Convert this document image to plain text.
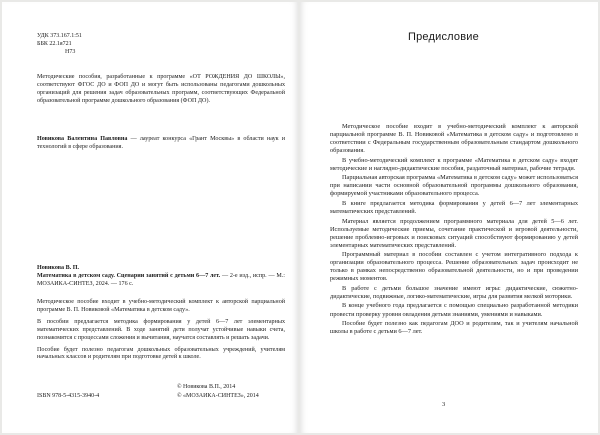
УДК 373.167.1:51
ББК 22.1я721
Н73
Методические пособия, разработанные к программе «ОТ РОЖДЕНИЯ ДО ШКОЛЫ», соответствуют ФГОС ДО и ФОП ДО и могут быть использованы педагогами дошкольных организаций для решения задач образовательных программ, соответствующих Федеральной образовательной программе дошкольного образования (ФОП ДО).
Новикова Валентина Павловна — лауреат конкурса «Грант Москвы» в области наук и технологий в сфере образования.
Новикова В. П.
Математика в детском саду. Сценарии занятий с детьми 6—7 лет. — 2-е изд., испр. — М.: МОЗАИКА-СИНТЕЗ, 2024. — 176 с.

Методическое пособие входит в учебно-методический комплект к авторской парциальной программе В. П. Новиковой «Математика в детском саду».

В пособии предлагается методика формирования у детей 6—7 лет элементарных математических представлений. В ходе занятий дети получат устойчивые навыки счета, познакомятся с процессами сложения и вычитания, научатся составлять и решать задачи.

Пособие будет полезно педагогам дошкольных образовательных учреждений, учителям начальных классов и родителям при подготовке детей к школе.

© Новикова В.П., 2014
© «МОЗАИКА-СИНТЕЗ», 2014
ISBN 978-5-4315-3940-4
Предисловие

Методическое пособие входит в учебно-методический комплект к авторской парциальной программе В. П. Новиковой «Математика в детском саду» и подготовлено в соответствии с Федеральным государственным образовательным стандартом дошкольного образования.

В учебно-методический комплект к программе «Математика в детском саду» входят методические и наглядно-дидактические пособия, раздаточный материал, рабочие тетради.

Парциальная авторская программа «Математика в детском саду» может использоваться при написании части основной образовательной программы дошкольного образования, формируемой участниками образовательного процесса.

В книге предлагается методика формирования у детей 6—7 лет элементарных математических представлений.

Материал является продолжением программного материала для детей 5—6 лет. Используемые методические приемы, сочетание практической и игровой деятельности, решение проблемно-игровых и поисковых ситуаций способствуют формированию у детей элементарных математических представлений.

Программный материал в пособии составлен с учетом интегративного подхода к организации образовательного процесса. Решение образовательных задач происходит не только в рамках непосредственно образовательной деятельности, но и при проведении режимных моментов.

В работе с детьми большое значение имеют игры: дидактические, сюжетно-дидактические, подвижные, логико-математические, игры для развития мелкой моторики.

В конце учебного года предлагается с помощью специально разработанной методики провести проверку уровня овладения детьми знаниями, умениями и навыками.

Пособие будет полезно как педагогам ДОО и родителям, так и учителям начальной школы в работе с детьми 6—7 лет.

3
